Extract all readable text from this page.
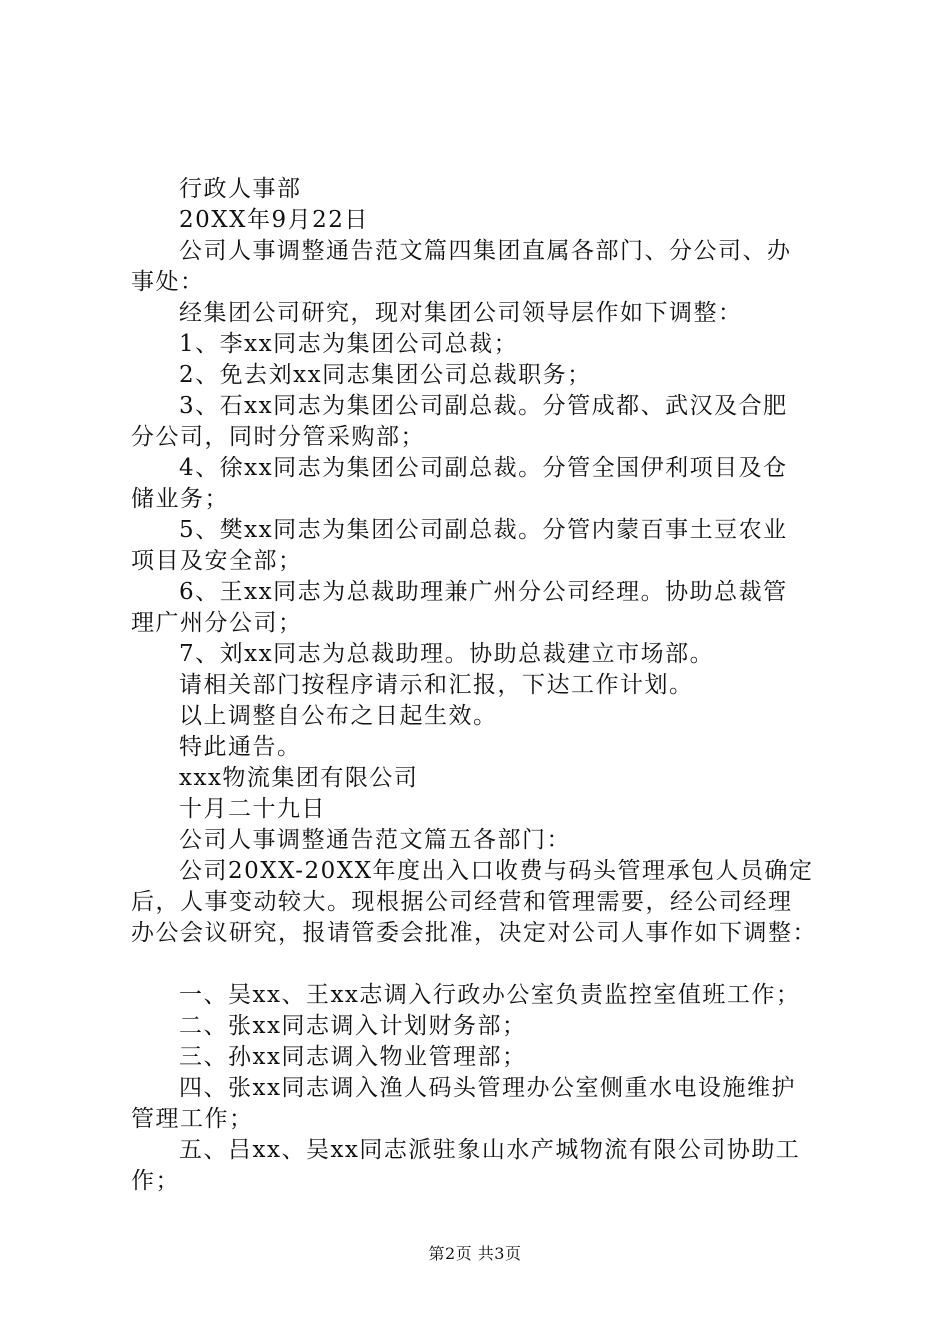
行政人事部
20XX年9月22日
公司人事调整通告范文篇四集团直属各部门、分公司、办
事处：
经集团公司研究，现对集团公司领导层作如下调整：
1、李xx同志为集团公司总裁；
2、免去刘xx同志集团公司总裁职务；
3、石xx同志为集团公司副总裁。分管成都、武汉及合肥
分公司，同时分管采购部；
4、徐xx同志为集团公司副总裁。分管全国伊利项目及仓
储业务；
5、樊xx同志为集团公司副总裁。分管内蒙百事土豆农业
项目及安全部；
6、王xx同志为总裁助理兼广州分公司经理。协助总裁管
理广州分公司；
7、刘xx同志为总裁助理。协助总裁建立市场部。
请相关部门按程序请示和汇报，下达工作计划。
以上调整自公布之日起生效。
特此通告。
xxx物流集团有限公司
十月二十九日
公司人事调整通告范文篇五各部门：
公司20XX-20XX年度出入口收费与码头管理承包人员确定
后，人事变动较大。现根据公司经营和管理需要，经公司经理
办公会议研究，报请管委会批准，决定对公司人事作如下调整：
一、吴xx、王xx志调入行政办公室负责监控室值班工作；
二、张xx同志调入计划财务部；
三、孙xx同志调入物业管理部；
四、张xx同志调入渔人码头管理办公室侧重水电设施维护
管理工作；
五、吕xx、吴xx同志派驻象山水产城物流有限公司协助工
作；
第2页 共3页
